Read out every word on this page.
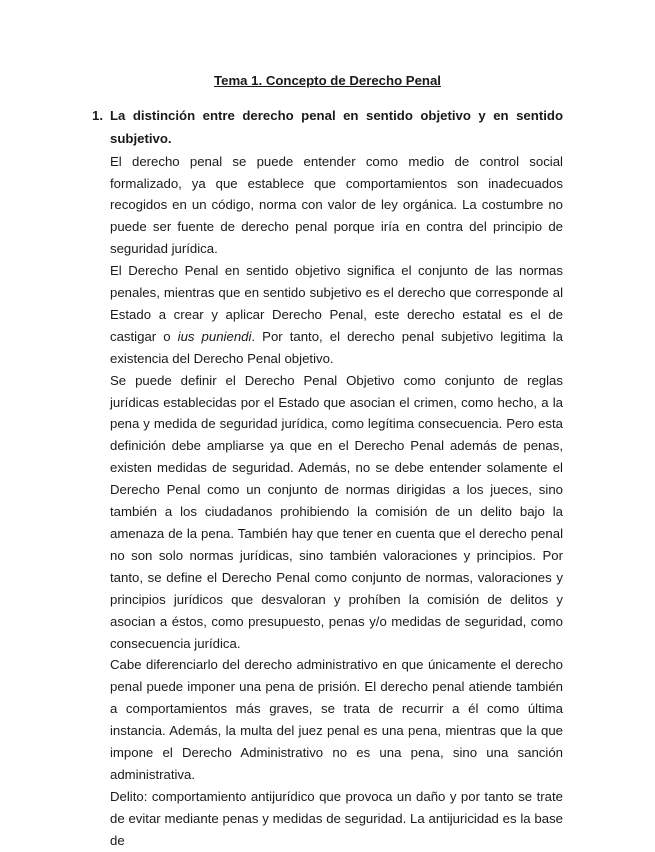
Tema 1. Concepto de Derecho Penal
1. La distinción entre derecho penal en sentido objetivo y en sentido subjetivo.

El derecho penal se puede entender como medio de control social formalizado, ya que establece que comportamientos son inadecuados recogidos en un código, norma con valor de ley orgánica. La costumbre no puede ser fuente de derecho penal porque iría en contra del principio de seguridad jurídica.

El Derecho Penal en sentido objetivo significa el conjunto de las normas penales, mientras que en sentido subjetivo es el derecho que corresponde al Estado a crear y aplicar Derecho Penal, este derecho estatal es el de castigar o ius puniendi. Por tanto, el derecho penal subjetivo legitima la existencia del Derecho Penal objetivo.

Se puede definir el Derecho Penal Objetivo como conjunto de reglas jurídicas establecidas por el Estado que asocian el crimen, como hecho, a la pena y medida de seguridad jurídica, como legítima consecuencia. Pero esta definición debe ampliarse ya que en el Derecho Penal además de penas, existen medidas de seguridad. Además, no se debe entender solamente el Derecho Penal como un conjunto de normas dirigidas a los jueces, sino también a los ciudadanos prohibiendo la comisión de un delito bajo la amenaza de la pena. También hay que tener en cuenta que el derecho penal no son solo normas jurídicas, sino también valoraciones y principios. Por tanto, se define el Derecho Penal como conjunto de normas, valoraciones y principios jurídicos que desvaloran y prohíben la comisión de delitos y asocian a éstos, como presupuesto, penas y/o medidas de seguridad, como consecuencia jurídica.

Cabe diferenciarlo del derecho administrativo en que únicamente el derecho penal puede imponer una pena de prisión. El derecho penal atiende también a comportamientos más graves, se trata de recurrir a él como última instancia. Además, la multa del juez penal es una pena, mientras que la que impone el Derecho Administrativo no es una pena, sino una sanción administrativa.

Delito: comportamiento antijurídico que provoca un daño y por tanto se trate de evitar mediante penas y medidas de seguridad. La antijuricidad es la base de
